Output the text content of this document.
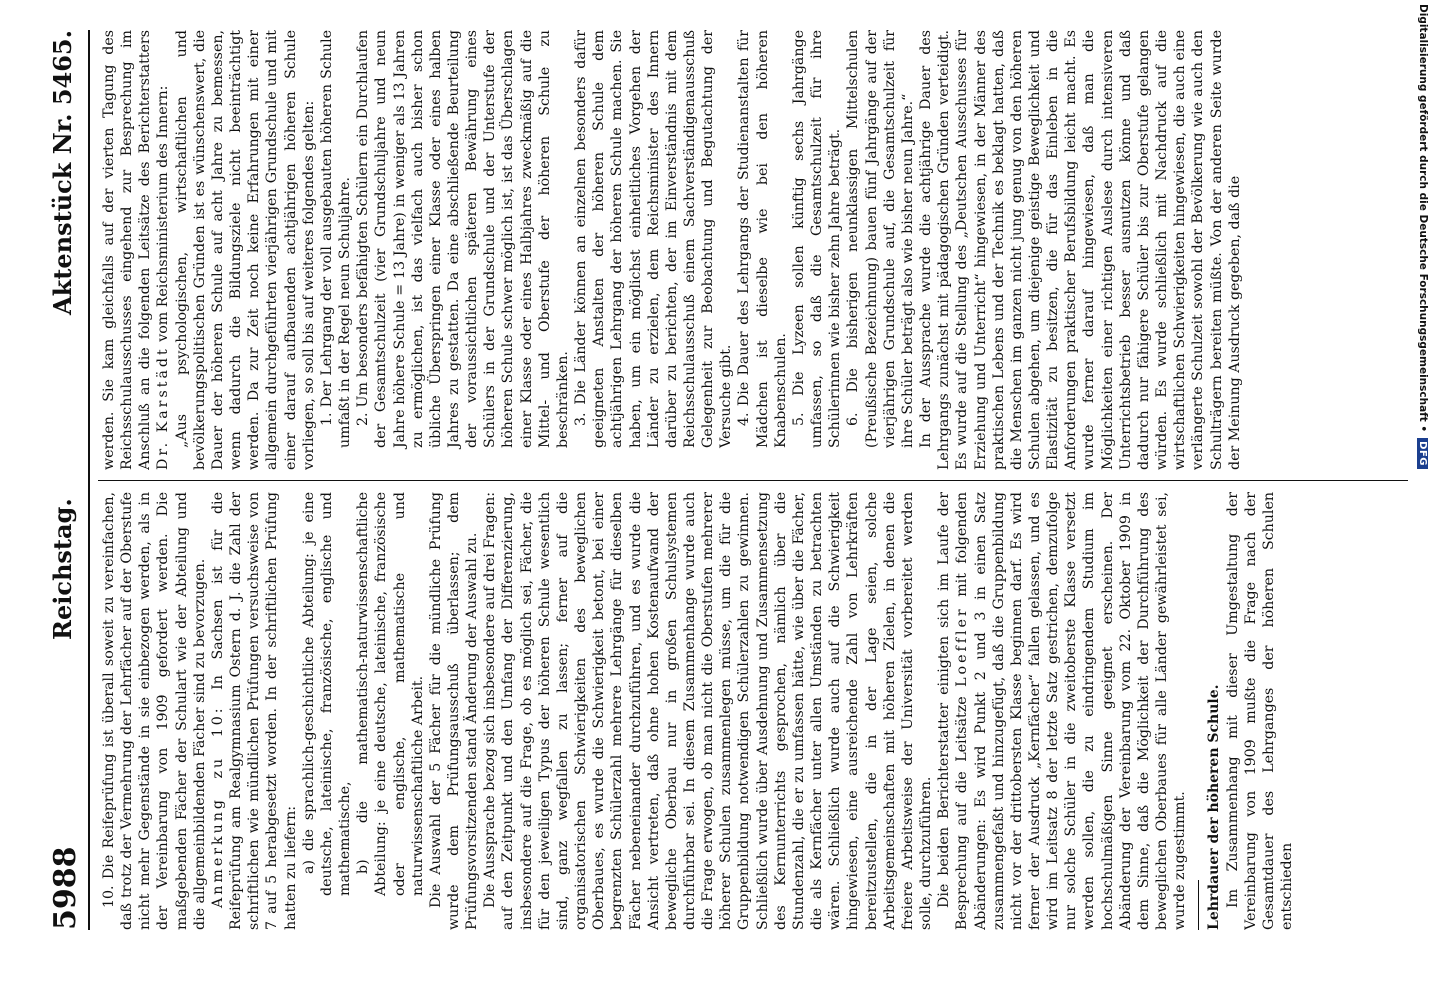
5988
Reichstag.
Aktenstück Nr. 5465.

10. Die Reifeprüfung ist überall soweit zu vereinfachen, daß trotz der Vermehrung der Lehrfächer auf der Oberstufe nicht mehr Gegenstände in sie einbezogen werden, als in der Vereinbarung von 1909 gefordert werden. Die maßgebenden Fächer der Schulart wie der Abteilung und die allgemeinbildenden Fächer sind zu bevorzugen. Anmerkung zu 10: In Sachsen ist für die Reifeprüfung am Realgymnasium Ostern d. J. die Zahl der schriftlichen wie mündlichen Prüfungen versuchsweise von 7 auf 5 herabgesetzt worden. In der schriftlichen Prüfung hatten zu liefern: a) die sprachlich-geschichtliche Abteilung: je eine deutsche, lateinische, französische, englische und mathematische, b) die mathematisch-naturwissenschaftliche Abteilung: je eine deutsche, lateinische, französische oder englische, mathematische und naturwissenschaftliche Arbeit. Die Auswahl der 5 Fächer für die mündliche Prüfung wurde dem Prüfungsausschuß überlassen; dem Prüfungsvorsitzenden stand Änderung der Auswahl zu. Die Aussprache bezog sich insbesondere auf drei Fragen: auf den Zeitpunkt und den Umfang der Differenzierung, insbesondere auf die Frage, ob es möglich sei, Fächer, die für den jeweiligen Typus der höheren Schule wesentlich sind, ganz wegfallen zu lassen; ferner auf die organisatorischen Schwierigkeiten des beweglichen Oberbaues, es wurde die Schwierigkeit betont, bei einer begrenzten Schülerzahl mehrere Lehrgänge für dieselben Fächer nebeneinander durchzuführen, und es wurde die Ansicht vertreten, daß ohne hohen Kostenaufwand der bewegliche Oberbau nur in großen Schulsystemen durchführbar sei. In diesem Zusammenhange wurde auch die Frage erwogen, ob man nicht die Oberstufen mehrerer höherer Schulen zusammenlegen müsse, um die für die Gruppenbildung notwendigen Schülerzahlen zu gewinnen. Schließlich wurde über Ausdehnung und Zusammensetzung des Kernunterrichts gesprochen, nämlich über die Stundenzahl, die er zu umfassen hätte, wie über die Fächer, die als Kernfächer unter allen Umständen zu betrachten wären. Schließlich wurde auch auf die Schwierigkeit hingewiesen, eine ausreichende Zahl von Lehrkräften bereitzustellen, die in der Lage seien, solche Arbeitsgemeinschaften mit höheren Zielen, in denen die freiere Arbeitsweise der Universität vorbereitet werden solle, durchzuführen. Die beiden Berichterstatter einigten sich im Laufe der Besprechung auf die Leitsätze Loeffler mit folgenden Abänderungen: Es wird Punkt 2 und 3 in einen Satz zusammengefaßt und hinzugefügt, daß die Gruppenbildung nicht vor der drittobersten Klasse beginnen darf. Es wird ferner der Ausdruck „Kernfächer“ fallen gelassen, und es wird im Leitsatz 8 der letzte Satz gestrichen, demzufolge nur solche Schüler in die zweitoberste Klasse versetzt werden sollen, die zu eindringendem Studium im hochschulmäßigen Sinne geeignet erscheinen. Der Abänderung der Vereinbarung vom 22. Oktober 1909 in dem Sinne, daß die Möglichkeit der Durchführung des beweglichen Oberbaues für alle Länder gewährleistet sei, wurde zugestimmt. Lehrdauer der höheren Schule. Im Zusammenhang mit dieser Umgestaltung der Vereinbarung von 1909 mußte die Frage nach der Gesamtdauer des Lehrganges der höheren Schulen entschieden

werden. Sie kam gleichfalls auf der vierten Tagung des Reichsschulausschusses eingehend zur Besprechung im Anschluß an die folgenden Leitsätze des Berichterstatters Dr. Karstädt vom Reichsministerium des Innern: „Aus psychologischen, wirtschaftlichen und bevölkerungspolitischen Gründen ist es wünschenswert, die Dauer der höheren Schule auf acht Jahre zu bemessen, wenn dadurch die Bildungsziele nicht beeinträchtigt werden. Da zur Zeit noch keine Erfahrungen mit einer allgemein durchgeführten vierjährigen Grundschule und mit einer darauf aufbauenden achtjährigen höheren Schule vorliegen, so soll bis auf weiteres folgendes gelten: 1. Der Lehrgang der voll ausgebauten höheren Schule umfaßt in der Regel neun Schuljahre. 2. Um besonders befähigten Schülern ein Durchlaufen der Gesamtschulzeit (vier Grundschuljahre und neun Jahre höhere Schule = 13 Jahre) in weniger als 13 Jahren zu ermöglichen, ist das vielfach auch bisher schon übliche Überspringen einer Klasse oder eines halben Jahres zu gestatten. Da eine abschließende Beurteilung der voraussichtlichen späteren Bewährung eines Schülers in der Grundschule und der Unterstufe der höheren Schule schwer möglich ist, ist das Überschlagen einer Klasse oder eines Halbjahres zweckmäßig auf die Mittel- und Oberstufe der höheren Schule zu beschränken. 3. Die Länder können an einzelnen besonders dafür geeigneten Anstalten der höheren Schule dem achtjährigen Lehrgang der höheren Schule machen. Sie haben, um ein möglichst einheitliches Vorgehen der Länder zu erzielen, dem Reichsminister des Innern darüber zu berichten, der im Einverständnis mit dem Reichsschulausschuß einem Sachverständigenausschuß Gelegenheit zur Beobachtung und Begutachtung der Versuche gibt. 4. Die Dauer des Lehrgangs der Studienanstalten für Mädchen ist dieselbe wie bei den höheren Knabenschulen. 5. Die Lyzeen sollen künftig sechs Jahrgänge umfassen, so daß die Gesamtschulzeit für ihre Schülerinnen wie bisher zehn Jahre beträgt. 6. Die bisherigen neunklassigen Mittelschulen (Preußische Bezeichnung) bauen fünf Jahrgänge auf der vierjährigen Grundschule auf, die Gesamtschulzeit für ihre Schüler beträgt also wie bisher neun Jahre.“ In der Aussprache wurde die achtjährige Dauer des Lehrgangs zunächst mit pädagogischen Gründen verteidigt. Es wurde auf die Stellung des „Deutschen Ausschusses für Erziehung und Unterricht“ hingewiesen, in der Männer des praktischen Lebens und der Technik es beklagt hatten, daß die Menschen im ganzen nicht jung genug von den höheren Schulen abgehen, um diejenige geistige Beweglichkeit und Elastizität zu besitzen, die für das Einleben in die Anforderungen praktischer Berufsbildung leicht macht. Es wurde ferner darauf hingewiesen, daß man die Möglichkeiten einer richtigen Auslese durch intensiveren Unterrichtsbetrieb besser ausnutzen könne und daß dadurch nur fähigere Schüler bis zur Oberstufe gelangen würden. Es wurde schließlich mit Nachdruck auf die wirtschaftlichen Schwierigkeiten hingewiesen, die auch eine verlängerte Schulzeit sowohl der Bevölkerung wie auch den Schulträgern bereiten müßte. Von der anderen Seite wurde der Meinung Ausdruck gegeben, daß die	Digitalisierung gefördert durch die Deutsche Forschungsgemeinschaft •
DFG
